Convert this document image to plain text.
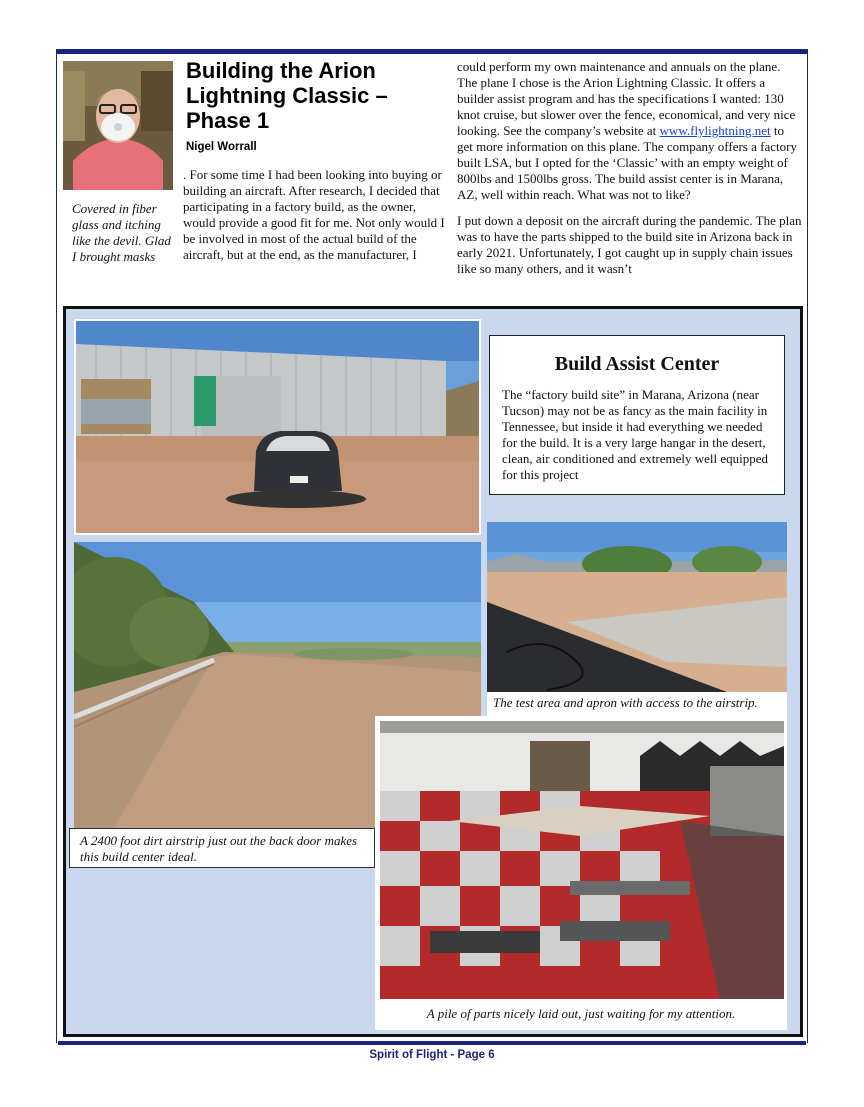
Building the Arion Lightning Classic – Phase 1
Nigel Worrall
Covered in fiber glass and itching like the devil. Glad I brought masks

. For some time I had been looking into buying or building an aircraft. After research, I decided that participating in a factory build, as the owner, would provide a good fit for me. Not only would I be involved in most of the actual build of the aircraft, but at the end, as the manufacturer, I

could perform my own maintenance and annuals on the plane. The plane I chose is the Arion Lightning Classic. It offers a builder assist program and has the specifications I wanted: 130 knot cruise, but slower over the fence, economical, and very nice looking. See the company’s website at www.flylightning.net to get more information on this plane. The company offers a factory built LSA, but I opted for the ‘Classic’ with an empty weight of 800lbs and 1500lbs gross. The build assist center is in Marana, AZ, well within reach. What was not to like?

I put down a deposit on the aircraft during the pandemic. The plan was to have the parts shipped to the build site in Arizona back in early 2021. Unfortunately, I got caught up in supply chain issues like so many others, and it wasn’t

Build Assist Center
The “factory build site” in Marana, Arizona (near Tucson) may not be as fancy as the main facility in Tennessee, but inside it had everything we needed for the build. It is a very large hangar in the desert, clean, air conditioned and extremely well equipped for this project
The test area and apron with access to the airstrip.
A 2400 foot dirt airstrip just out the back door makes this build center ideal.
A pile of parts nicely laid out, just waiting for my attention.
Spirit of Flight - Page 6
